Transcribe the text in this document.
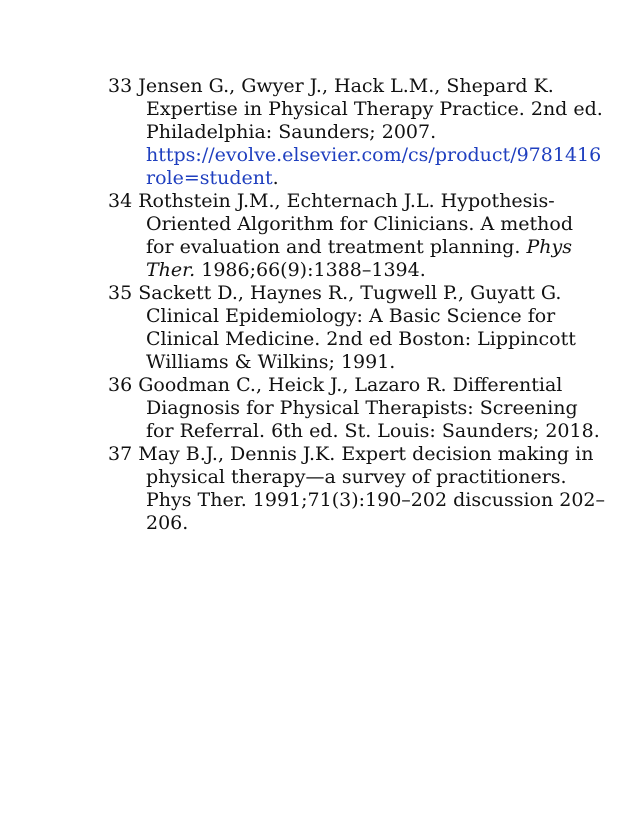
33 Jensen G., Gwyer J., Hack L.M., Shepard K. Expertise in Physical Therapy Practice. 2nd ed. Philadelphia: Saunders; 2007.
https://evolve.elsevier.com/cs/product/9781416
role=student.
34 Rothstein J.M., Echternach J.L. Hypothesis-Oriented Algorithm for Clinicians. A method for evaluation and treatment planning. Phys Ther. 1986;66(9):1388–1394.
35 Sackett D., Haynes R., Tugwell P., Guyatt G. Clinical Epidemiology: A Basic Science for Clinical Medicine. 2nd ed Boston: Lippincott Williams & Wilkins; 1991.
36 Goodman C., Heick J., Lazaro R. Differential Diagnosis for Physical Therapists: Screening for Referral. 6th ed. St. Louis: Saunders; 2018.
37 May B.J., Dennis J.K. Expert decision making in physical therapy—a survey of practitioners. Phys Ther. 1991;71(3):190–202 discussion 202–206.
